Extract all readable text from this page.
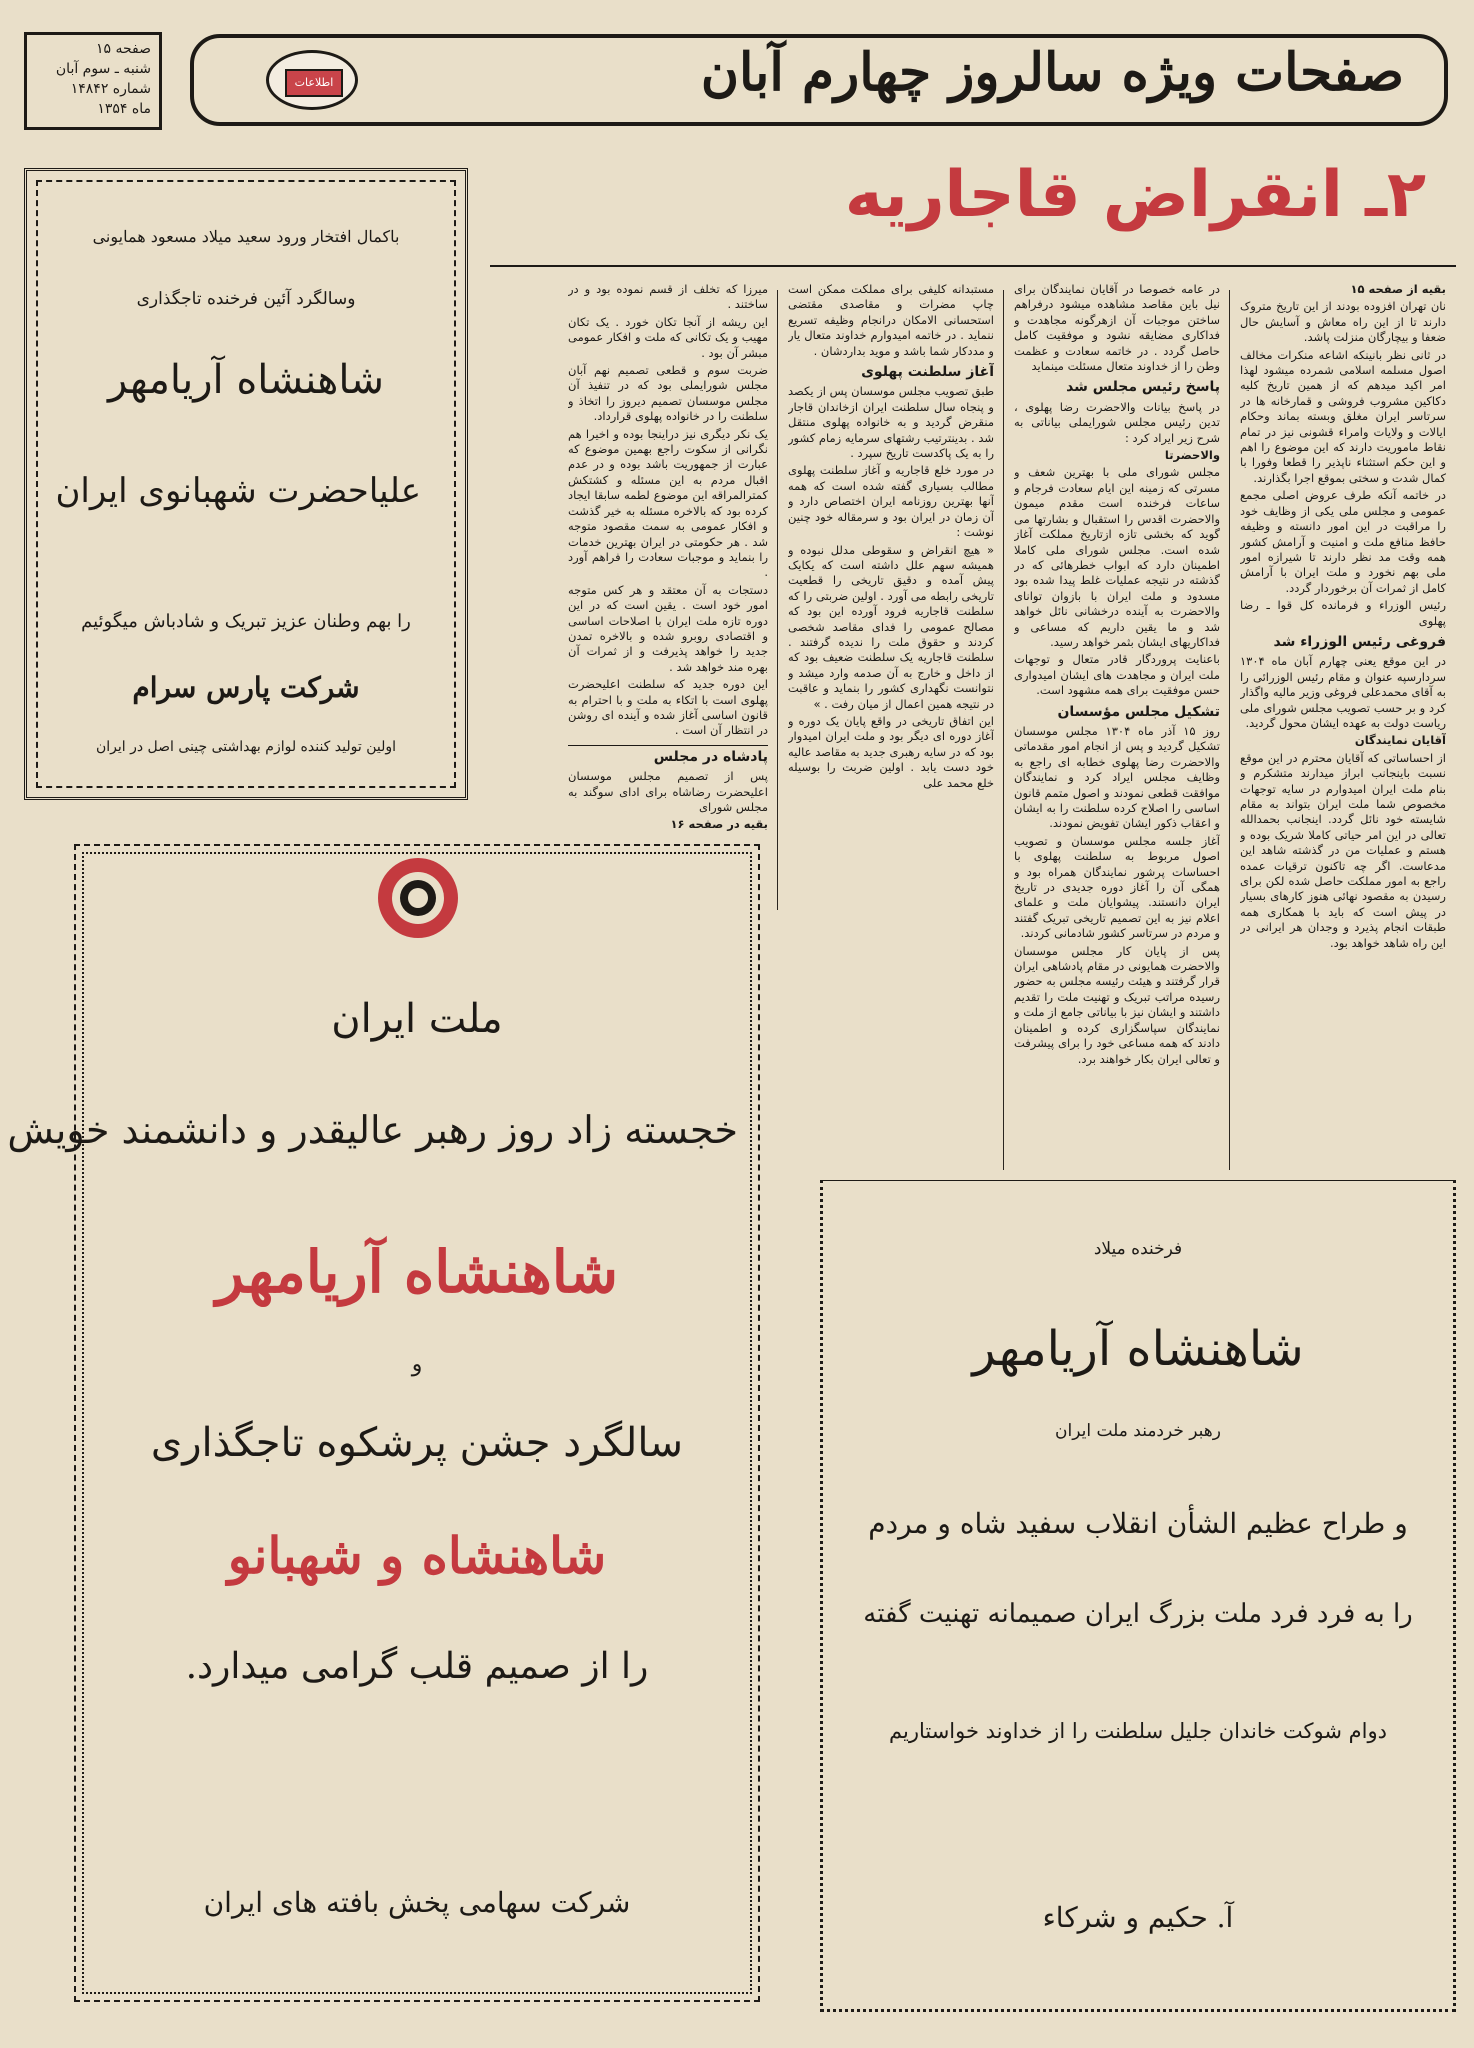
صفحات ویژه سالروز چهارم آبان
اطلاعات
صفحه ۱۵
شنبه ـ سوم آبان
شماره ۱۴۸۴۲
ماه ۱۳۵۴
۲ـ انقراض قاجاریه

بقیه از صفحه ۱۵

نان تهران افزوده بودند از این تاریخ متروک دارند تا از این راه معاش و آسایش حال ضعفا و بیچارگان منزلت پاشد.

در ثانی نظر بانینکه اشاعه منکرات مخالف اصول مسلمه اسلامی شمرده میشود لهذا امر اکید میدهم که از همین تاریخ کلیه دکاکین مشروب فروشی و قمارخانه ها در سرتاسر ایران مغلق وبسته بماند وحکام ایالات و ولایات وامراء قشونی نیز در تمام نقاط ماموریت دارند که این موضوع را اهم و این حکم استثناء ناپذیر را قطعا وفورا با کمال شدت و سختی بموقع اجرا بگذارند.

در خاتمه آنکه طرف عروض اصلی مجمع عمومی و مجلس ملی یکی از وظایف خود را مراقبت در این امور دانسته و وظیفه حافظ منافع ملت و امنیت و آرامش کشور همه وقت مد نظر دارند تا شیرازه امور ملی بهم نخورد و ملت ایران با آرامش کامل از ثمرات آن برخوردار گردد.

رئیس الوزراء و فرمانده کل قوا ـ رضا پهلوی

فروغی رئیس الوزراء شد

در این موقع یعنی چهارم آبان ماه ۱۳۰۴ سردارسپه عنوان و مقام رئیس الوزرائی را به آقای محمدعلی فروغی وزیر مالیه واگذار کرد و بر حسب تصویب مجلس شورای ملی ریاست دولت به عهده ایشان محول گردید.

آقایان نمایندگان

از احساساتی که آقایان محترم در این موقع نسبت باینجانب ابراز میدارند متشکرم و بنام ملت ایران امیدوارم در سایه توجهات مخصوص شما ملت ایران بتواند به مقام شایسته خود نائل گردد. اینجانب بحمدالله تعالی در این امر حیاتی کاملا شریک بوده و هستم و عملیات من در گذشته شاهد این مدعاست. اگر چه تاکنون ترقیات عمده راجع به امور مملکت حاصل شده لکن برای رسیدن به مقصود نهائی هنوز کارهای بسیار در پیش است که باید با همکاری همه طبقات انجام پذیرد و وجدان هر ایرانی در این راه شاهد خواهد بود.

در عامه خصوصا در آقایان نمایندگان برای نیل باین مقاصد مشاهده میشود درفراهم ساختن موجبات آن ازهرگونه مجاهدت و فداکاری مضایقه نشود و موفقیت کامل حاصل گردد . در خاتمه سعادت و عظمت وطن را از خداوند متعال مسئلت مینماید

پاسخ رئیس مجلس شد

در پاسخ بیانات والاحضرت رضا پهلوی ، تدین رئیس مجلس شورایملی بیاناتی به شرح زیر ایراد کرد :

والاحضرتا

مجلس شورای ملی با بهترین شعف و مسرتی که زمینه این ایام سعادت فرجام و ساعات فرخنده است مقدم میمون والاحضرت اقدس را استقبال و بشارتها می گوید که بخشی تازه ازتاریخ مملکت آغاز شده است. مجلس شورای ملی کاملا اطمینان دارد که ابواب خطرهائی که در گذشته در نتیجه عملیات غلط پیدا شده بود مسدود و ملت ایران با بازوان توانای والاحضرت به آینده درخشانی نائل خواهد شد و ما یقین داریم که مساعی و فداکاریهای ایشان بثمر خواهد رسید.

باعنایت پروردگار قادر متعال و توجهات ملت ایران و مجاهدت های ایشان امیدواری حسن موفقیت برای همه مشهود است.

تشکیل مجلس مؤسسان

روز ۱۵ آذر ماه ۱۳۰۴ مجلس موسسان تشکیل گردید و پس از انجام امور مقدماتی والاحضرت رضا پهلوی خطابه ای راجع به وظایف مجلس ایراد کرد و نمایندگان موافقت قطعی نمودند و اصول متمم قانون اساسی را اصلاح کرده سلطنت را به ایشان و اعقاب ذکور ایشان تفویض نمودند.

آغاز جلسه مجلس موسسان و تصویب اصول مربوط به سلطنت پهلوی با احساسات پرشور نمایندگان همراه بود و همگی آن را آغاز دوره جدیدی در تاریخ ایران دانستند. پیشوایان ملت و علمای اعلام نیز به این تصمیم تاریخی تبریک گفتند و مردم در سرتاسر کشور شادمانی کردند.

پس از پایان کار مجلس موسسان والاحضرت همایونی در مقام پادشاهی ایران قرار گرفتند و هیئت رئیسه مجلس به حضور رسیده مراتب تبریک و تهنیت ملت را تقدیم داشتند و ایشان نیز با بیاناتی جامع از ملت و نمایندگان سپاسگزاری کرده و اطمینان دادند که همه مساعی خود را برای پیشرفت و تعالی ایران بکار خواهند برد.

مستبدانه کلیفی برای مملکت ممکن است چاپ مضرات و مقاصدی مقتضی استحسانی الامکان درانجام وظیفه تسریع ننماید . در خاتمه امیدوارم خداوند متعال یار و مددکار شما باشد و موید بداردشان .

آغاز سلطنت پهلوی

طبق تصویب مجلس موسسان پس از یکصد و پنجاه سال سلطنت ایران ازخاندان قاجار منقرض گردید و به خانواده پهلوی منتقل شد . بدینترتیب رشتهای سرمایه زمام کشور را به یک پاکدست تاریخ سپرد .

در مورد خلع قاجاریه و آغاز سلطنت پهلوی مطالب بسیاری گفته شده است که همه آنها بهترین روزنامه ایران اختصاص دارد و آن زمان در ایران بود و سرمقاله خود چنین نوشت :

« هیچ انقراض و سقوطی مدلل نبوده و همیشه سهم علل داشته است که یکایک پیش آمده و دقیق تاریخی را قطعیت تاریخی رابطه می آورد . اولین ضربتی را که سلطنت قاجاریه فرود آورده این بود که مصالح عمومی را فدای مقاصد شخصی کردند و حقوق ملت را ندیده گرفتند . سلطنت قاجاریه یک سلطنت ضعیف بود که از داخل و خارج به آن صدمه وارد میشد و نتوانست نگهداری کشور را بنماید و عاقبت در نتیجه همین اعمال از میان رفت . »

این اتفاق تاریخی در واقع پایان یک دوره و آغاز دوره ای دیگر بود و ملت ایران امیدوار بود که در سایه رهبری جدید به مقاصد عالیه خود دست یابد . اولین ضربت را بوسیله خلع محمد علی

میرزا که تخلف از قسم نموده بود و در ساختند .

این ریشه از آنجا تکان خورد . یک تکان مهیب و یک تکانی که ملت و افکار عمومی مبشر آن بود .

ضربت سوم و قطعی تصمیم نهم آبان مجلس شورایملی بود که در تنفیذ آن مجلس موسسان تصمیم دیروز را اتخاذ و سلطنت را در خانواده پهلوی قرارداد.

یک نکر دیگری نیز دراینجا بوده و اخیرا هم نگرانی از سکوت راجع بهمین موضوع که عبارت از جمهوریت باشد بوده و در عدم اقبال مردم به این مسئله و کشتکش کمترالمراقه این موضوع لطمه سابقا ایجاد کرده بود که بالاخره مسئله به خیر گذشت و افکار عمومی به سمت مقصود متوجه شد . هر حکومتی در ایران بهترین خدمات را بنماید و موجبات سعادت را فراهم آورد .

دستجات به آن معتقد و هر کس متوجه امور خود است . یقین است که در این دوره تازه ملت ایران با اصلاحات اساسی و اقتصادی روبرو شده و بالاخره تمدن جدید را خواهد پذیرفت و از ثمرات آن بهره مند خواهد شد .

این دوره جدید که سلطنت اعلیحضرت پهلوی است با اتکاء به ملت و با احترام به قانون اساسی آغاز شده و آینده ای روشن در انتظار آن است .

پادشاه در مجلس

پس از تصمیم مجلس موسسان اعلیحضرت رضاشاه برای ادای سوگند به مجلس شورای

بقیه در صفحه ۱۶

باکمال افتخار ورود سعید میلاد مسعود همایونی
وسالگرد آئین فرخنده تاجگذاری
شاهنشاه آریامهر
علیاحضرت شهبانوی ایران
را بهم وطنان عزیز تبریک و شادباش میگوئیم
شرکت پارس سرام
اولین تولید کننده لوازم بهداشتی چینی اصل در ایران
ملت ایران
خجسته زاد روز رهبر عالیقدر و دانشمند خویش
شاهنشاه آریامهر
و
سالگرد جشن پرشکوه تاجگذاری
شاهنشاه و شهبانو
را از صمیم قلب گرامی میدارد.
شرکت سهامی پخش بافته های ایران
فرخنده میلاد
شاهنشاه آریامهر
رهبر خردمند ملت ایران
و طراح عظیم الشأن انقلاب سفید شاه و مردم
را به فرد فرد ملت بزرگ ایران صمیمانه تهنیت گفته
دوام شوکت خاندان جلیل سلطنت را از خداوند خواستاریم
آ. حکیم و شرکاء
